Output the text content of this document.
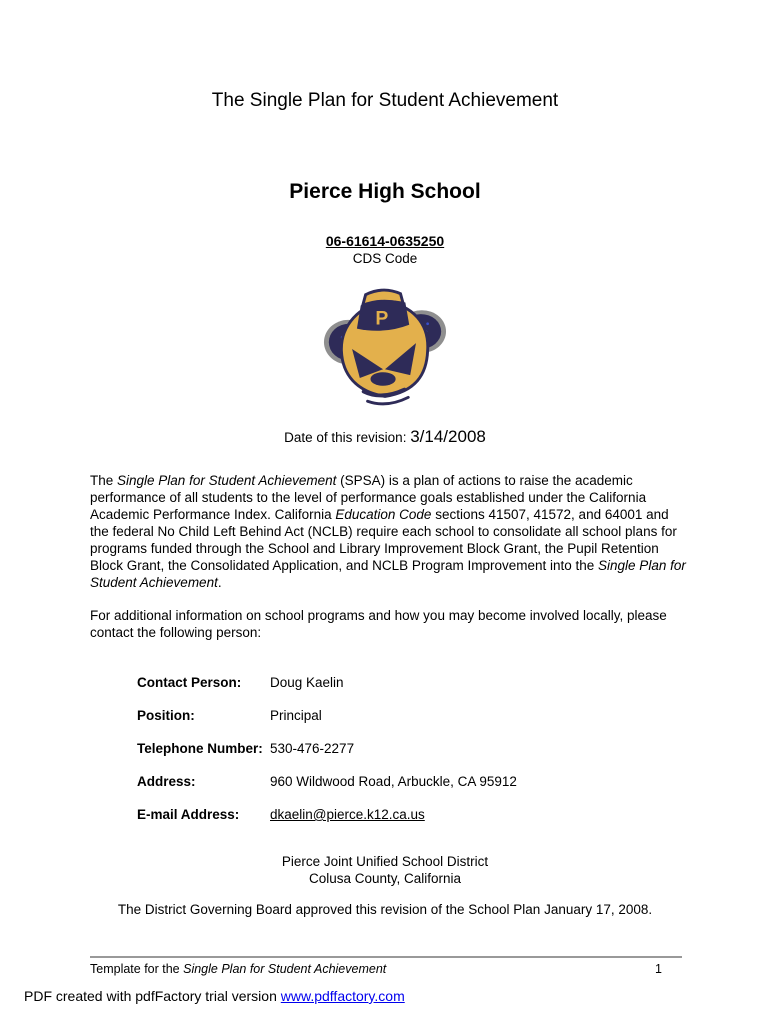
The Single Plan for Student Achievement
Pierce High School
06-61614-0635250
CDS Code
P
Date of this revision: 3/14/2008
The Single Plan for Student Achievement (SPSA) is a plan of actions to raise the academic performance of all students to the level of performance goals established under the California Academic Performance Index. California Education Code sections 41507, 41572, and 64001 and the federal No Child Left Behind Act (NCLB) require each school to consolidate all school plans for programs funded through the School and Library Improvement Block Grant, the Pupil Retention Block Grant, the Consolidated Application, and NCLB Program Improvement into the Single Plan for Student Achievement.
For additional information on school programs and how you may become involved locally, please contact the following person:
Contact Person:	Doug Kaelin
Position:	Principal
Telephone Number: 530-476-2277
Address:	960 Wildwood Road, Arbuckle, CA 95912
E-mail Address:	dkaelin@pierce.k12.ca.us
Pierce Joint Unified School District
Colusa County, California
The District Governing Board approved this revision of the School Plan January 17, 2008.
Template for the Single Plan for Student Achievement	1
PDF created with pdfFactory trial version www.pdffactory.com
